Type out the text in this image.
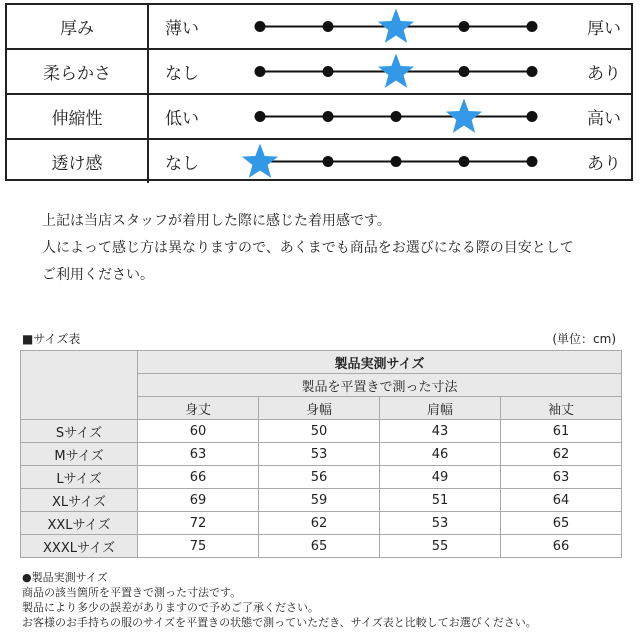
厚み	薄い	厚い
柔らかさ	なし	あり
伸縮性	低い	高い
透け感	なし	あり

上記は当店スタッフが着用した際に感じた着用感です。

人によって感じ方は異なりますので、あくまでも商品をお選びになる際の目安として

ご利用ください。

■サイズ表	(単位：cm)
	製品実測サイズ			
	製品を平置きで測った寸法			
	身丈	身幅	肩幅	袖丈
Sサイズ	60	50	43	61
Mサイズ	63	53	46	62
Lサイズ	66	56	49	63
XLサイズ	69	59	51	64
XXLサイズ	72	62	53	65
XXXLサイズ	75	65	55	66

●製品実測サイズ

商品の該当箇所を平置きで測った寸法です。

製品により多少の誤差がありますので予めご了承ください。

お客様のお手持ちの服のサイズを平置きの状態で測っていただき、サイズ表と比較してお選びください。
